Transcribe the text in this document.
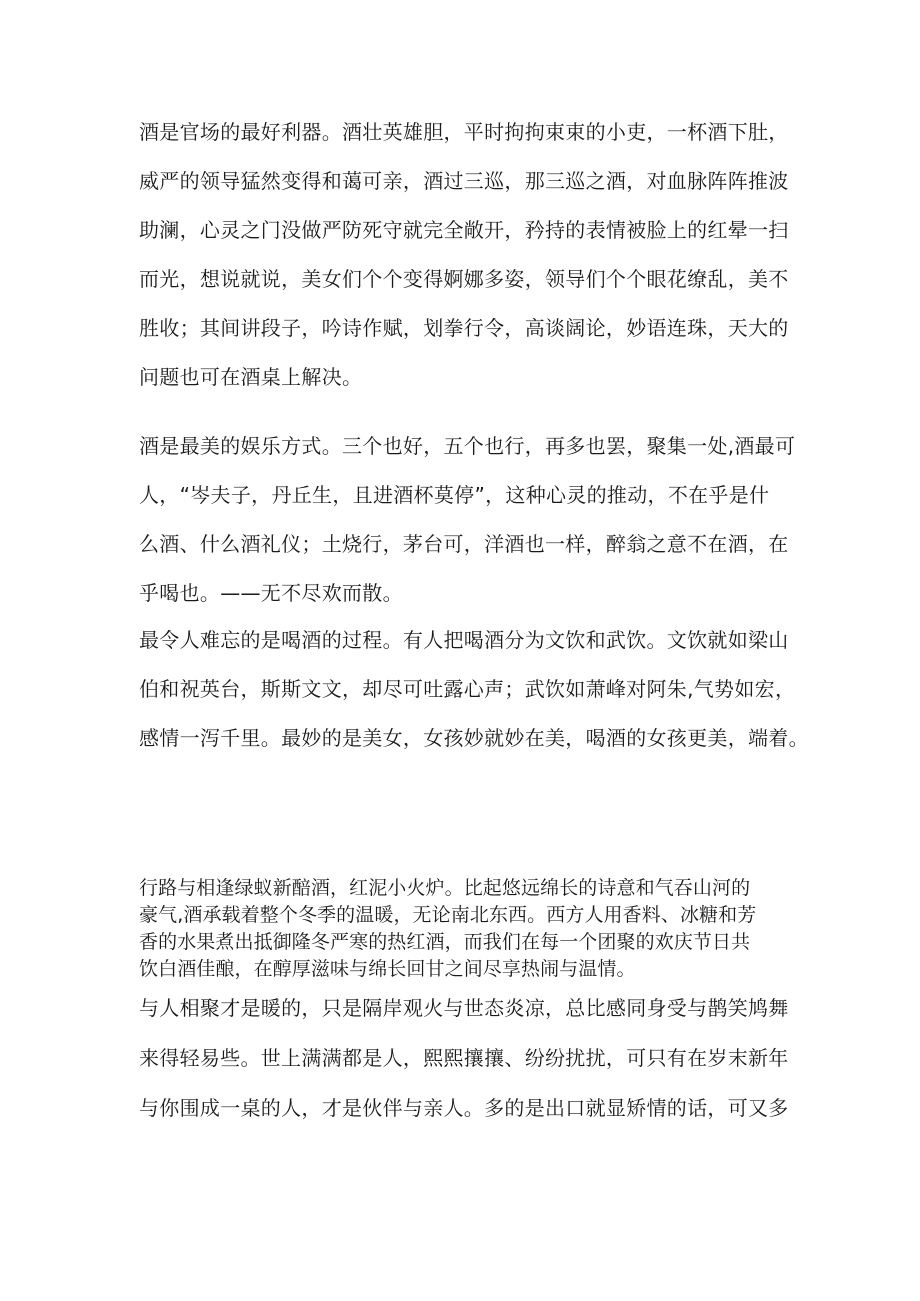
酒是官场的最好利器。酒壮英雄胆，平时拘拘束束的小吏，一杯酒下肚，
威严的领导猛然变得和蔼可亲，酒过三巡，那三巡之酒，对血脉阵阵推波
助澜，心灵之门没做严防死守就完全敞开，矜持的表情被脸上的红晕一扫
而光，想说就说，美女们个个变得婀娜多姿，领导们个个眼花缭乱，美不
胜收；其间讲段子，吟诗作赋，划拳行令，高谈阔论，妙语连珠，天大的
问题也可在酒桌上解决。
酒是最美的娱乐方式。三个也好，五个也行，再多也罢，聚集一处,酒最可
人，“岑夫子，丹丘生，且进酒杯莫停”，这种心灵的推动，不在乎是什
么酒、什么酒礼仪；土烧行，茅台可，洋酒也一样，醉翁之意不在酒，在
乎喝也。——无不尽欢而散。
最令人难忘的是喝酒的过程。有人把喝酒分为文饮和武饮。文饮就如梁山
伯和祝英台，斯斯文文，却尽可吐露心声；武饮如萧峰对阿朱,气势如宏，
感情一泻千里。最妙的是美女，女孩妙就妙在美，喝酒的女孩更美，端着。
行路与相逢绿蚁新醅酒，红泥小火炉。比起悠远绵长的诗意和气吞山河的
豪气,酒承载着整个冬季的温暖，无论南北东西。西方人用香料、冰糖和芳
香的水果煮出抵御隆冬严寒的热红酒，而我们在每一个团聚的欢庆节日共
饮白酒佳酿，在醇厚滋味与绵长回甘之间尽享热闹与温情。
与人相聚才是暖的，只是隔岸观火与世态炎凉，总比感同身受与鹊笑鸠舞
来得轻易些。世上满满都是人，熙熙攘攘、纷纷扰扰，可只有在岁末新年
与你围成一桌的人，才是伙伴与亲人。多的是出口就显矫情的话，可又多
